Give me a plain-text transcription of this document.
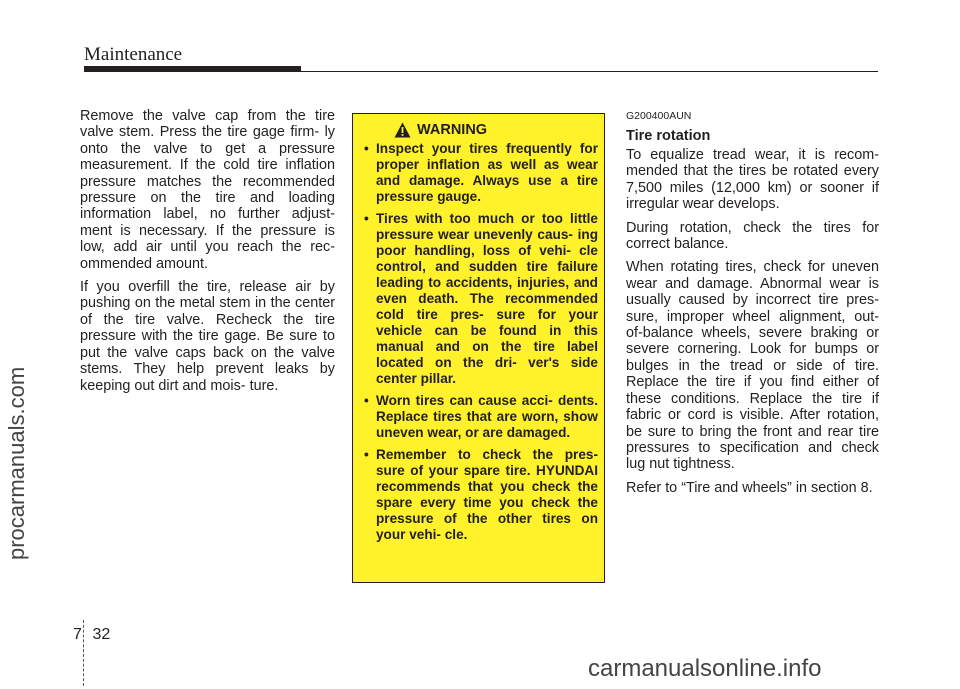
Maintenance
procarmanuals.com

Remove the valve cap from the tire valve stem. Press the tire gage firm- ly onto the valve to get a pressure measurement. If the cold tire inflation pressure matches the recommended pressure on the tire and loading information label, no further adjust- ment is necessary. If the pressure is low, add air until you reach the rec- ommended amount.

If you overfill the tire, release air by pushing on the metal stem in the center of the tire valve. Recheck the tire pressure with the tire gage. Be sure to put the valve caps back on the valve stems. They help prevent leaks by keeping out dirt and mois- ture.

WARNING
• Inspect your tires frequently for proper inflation as well as wear and damage. Always use a tire pressure gauge.
• Tires with too much or too little pressure wear unevenly caus- ing poor handling, loss of vehi- cle control, and sudden tire failure leading to accidents, injuries, and even death. The recommended cold tire pres- sure for your vehicle can be found in this manual and on the tire label located on the dri- ver's side center pillar.
• Worn tires can cause acci- dents. Replace tires that are worn, show uneven wear, or are damaged.
• Remember to check the pres- sure of your spare tire. HYUNDAI recommends that you check the spare every time you check the pressure of the other tires on your vehi- cle.
G200400AUN
Tire rotation

To equalize tread wear, it is recom- mended that the tires be rotated every 7,500 miles (12,000 km) or sooner if irregular wear develops.

During rotation, check the tires for correct balance.

When rotating tires, check for uneven wear and damage. Abnormal wear is usually caused by incorrect tire pres- sure, improper wheel alignment, out- of-balance wheels, severe braking or severe cornering. Look for bumps or bulges in the tread or side of tire. Replace the tire if you find either of these conditions. Replace the tire if fabric or cord is visible. After rotation, be sure to bring the front and rear tire pressures to specification and check lug nut tightness.

Refer to “Tire and wheels” in section 8.

7 32
carmanualsonline.info
